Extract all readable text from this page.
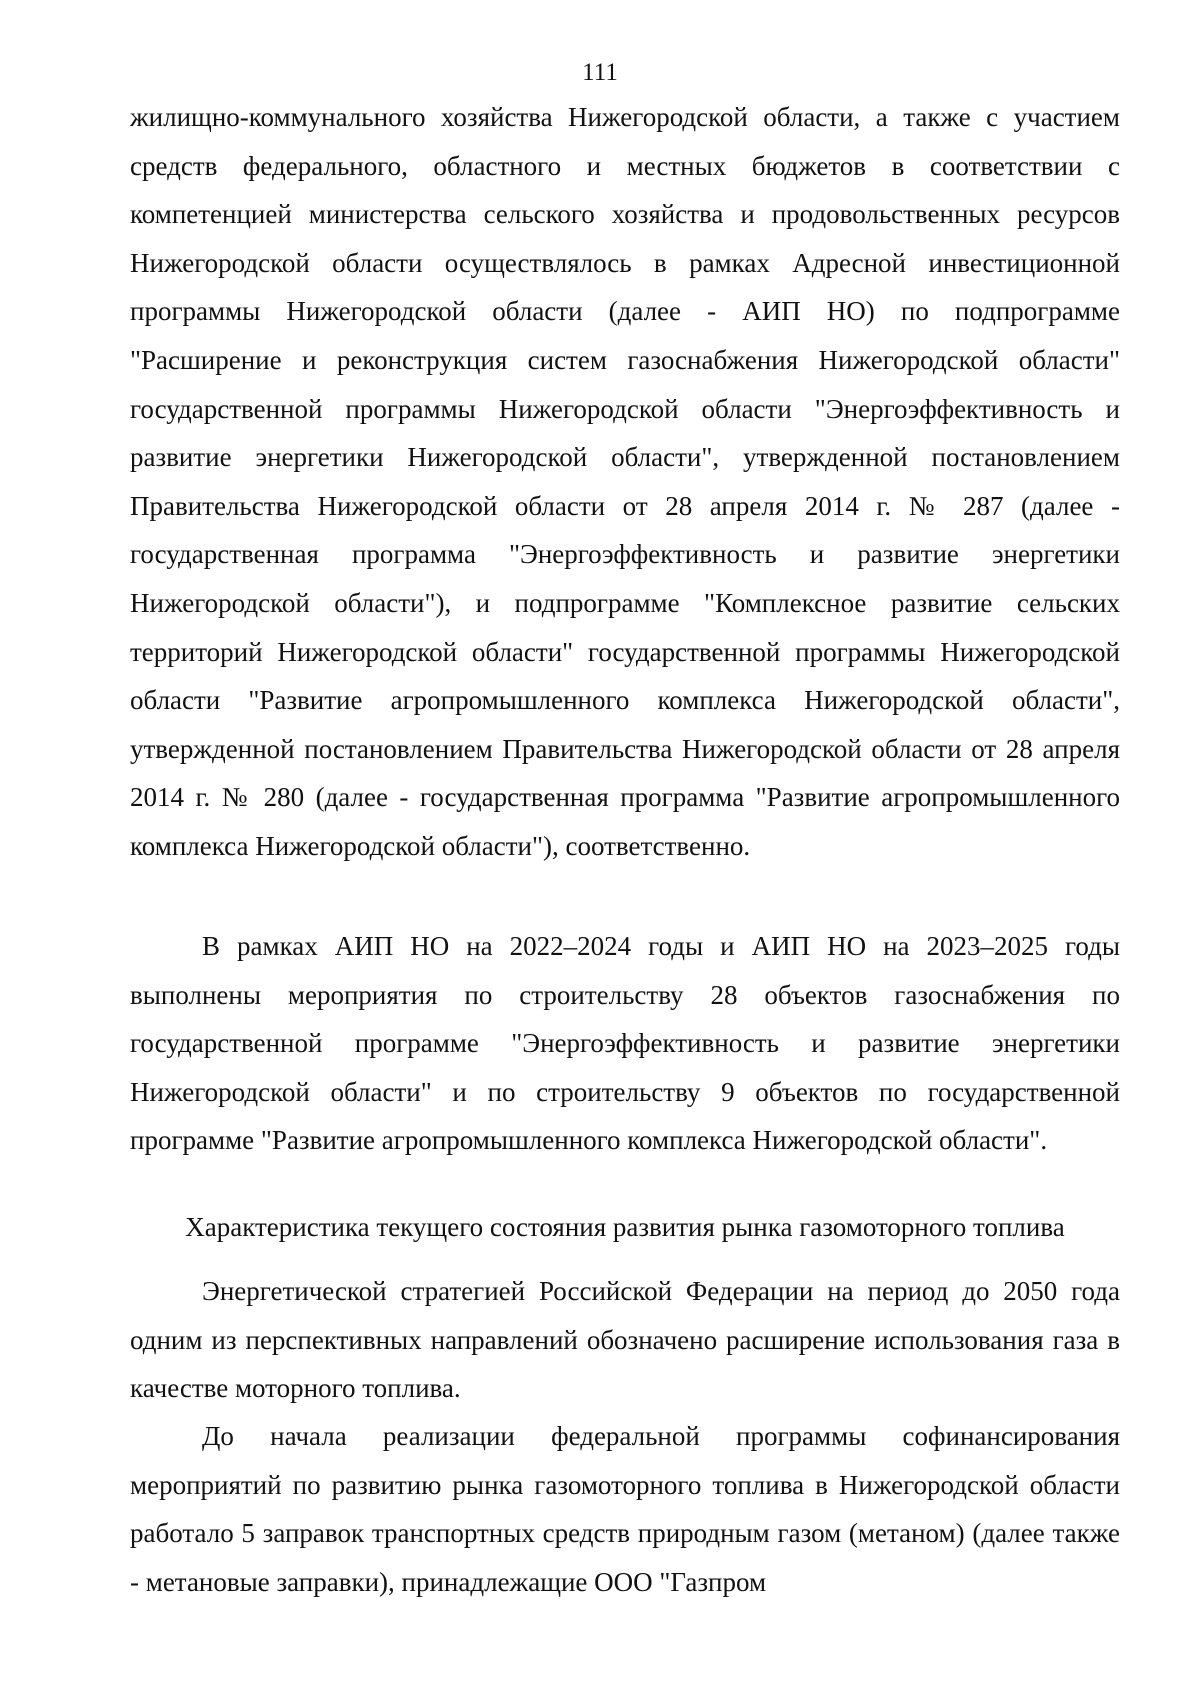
111

жилищно-коммунального хозяйства Нижегородской области, а также с участием средств федерального, областного и местных бюджетов в соответствии с компетенцией министерства сельского хозяйства и продовольственных ресурсов Нижегородской области осуществлялось в рамках Адресной инвестиционной программы Нижегородской области (далее - АИП НО) по подпрограмме "Расширение и реконструкция систем газоснабжения Нижегородской области" государственной программы Нижегородской области "Энергоэффективность и развитие энергетики Нижегородской области", утвержденной постановлением Правительства Нижегородской области от 28 апреля 2014 г. № 287 (далее - государственная программа "Энергоэффективность и развитие энергетики Нижегородской области"), и подпрограмме "Комплексное развитие сельских территорий Нижегородской области" государственной программы Нижегородской области "Развитие агропромышленного комплекса Нижегородской области", утвержденной постановлением Правительства Нижегородской области от 28 апреля 2014 г. № 280 (далее - государственная программа "Развитие агропромышленного комплекса Нижегородской области"), соответственно.

В рамках АИП НО на 2022–2024 годы и АИП НО на 2023–2025 годы выполнены мероприятия по строительству 28 объектов газоснабжения по государственной программе "Энергоэффективность и развитие энергетики Нижегородской области" и по строительству 9 объектов по государственной программе "Развитие агропромышленного комплекса Нижегородской области".

Характеристика текущего состояния развития рынка газомоторного топлива

Энергетической стратегией Российской Федерации на период до 2050 года одним из перспективных направлений обозначено расширение использования газа в качестве моторного топлива.

До начала реализации федеральной программы софинансирования мероприятий по развитию рынка газомоторного топлива в Нижегородской области работало 5 заправок транспортных средств природным газом (метаном) (далее также - метановые заправки), принадлежащие ООО "Газпром
